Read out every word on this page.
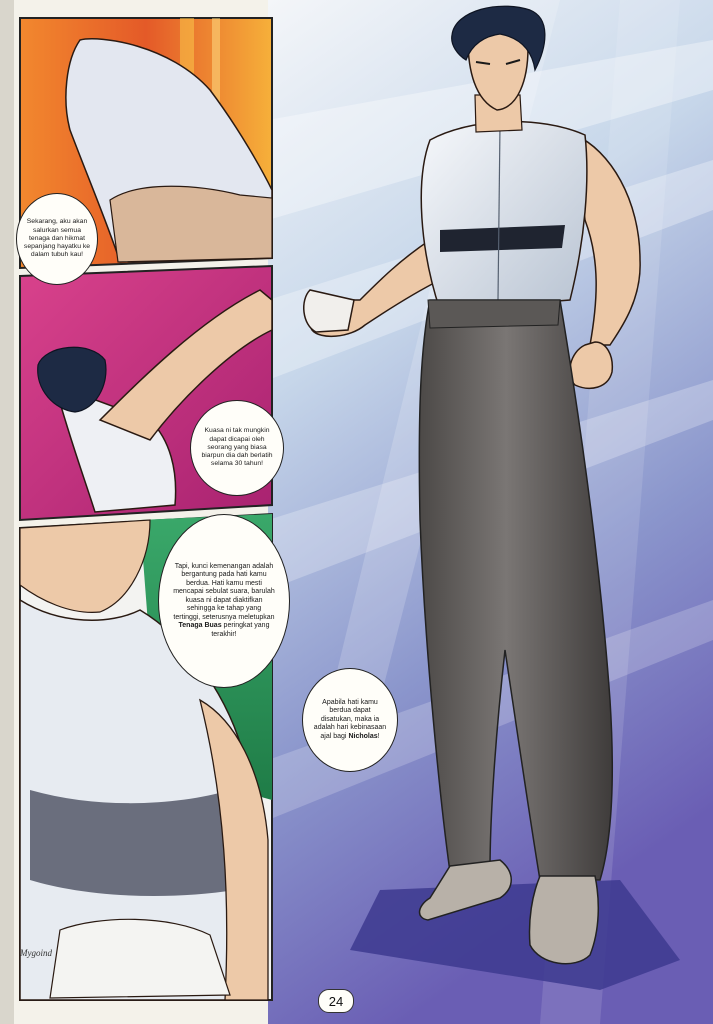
Sekarang, aku akan salurkan semua tenaga dan hikmat sepanjang hayatku ke dalam tubuh kau!
Kuasa ni tak mungkin dapat dicapai oleh seorang yang biasa biarpun dia dah berlatih selama 30 tahun!
Tapi, kunci kemenangan adalah bergantung pada hati kamu berdua. Hati kamu mesti mencapai sebulat suara, barulah kuasa ni dapat diaktifkan sehingga ke tahap yang tertinggi, seterusnya meletupkan Tenaga Buas peringkat yang terakhir!
Apabila hati kamu berdua dapat disatukan, maka ia adalah hari kebinasaan ajal bagi Nicholas!
Mygoind
24
